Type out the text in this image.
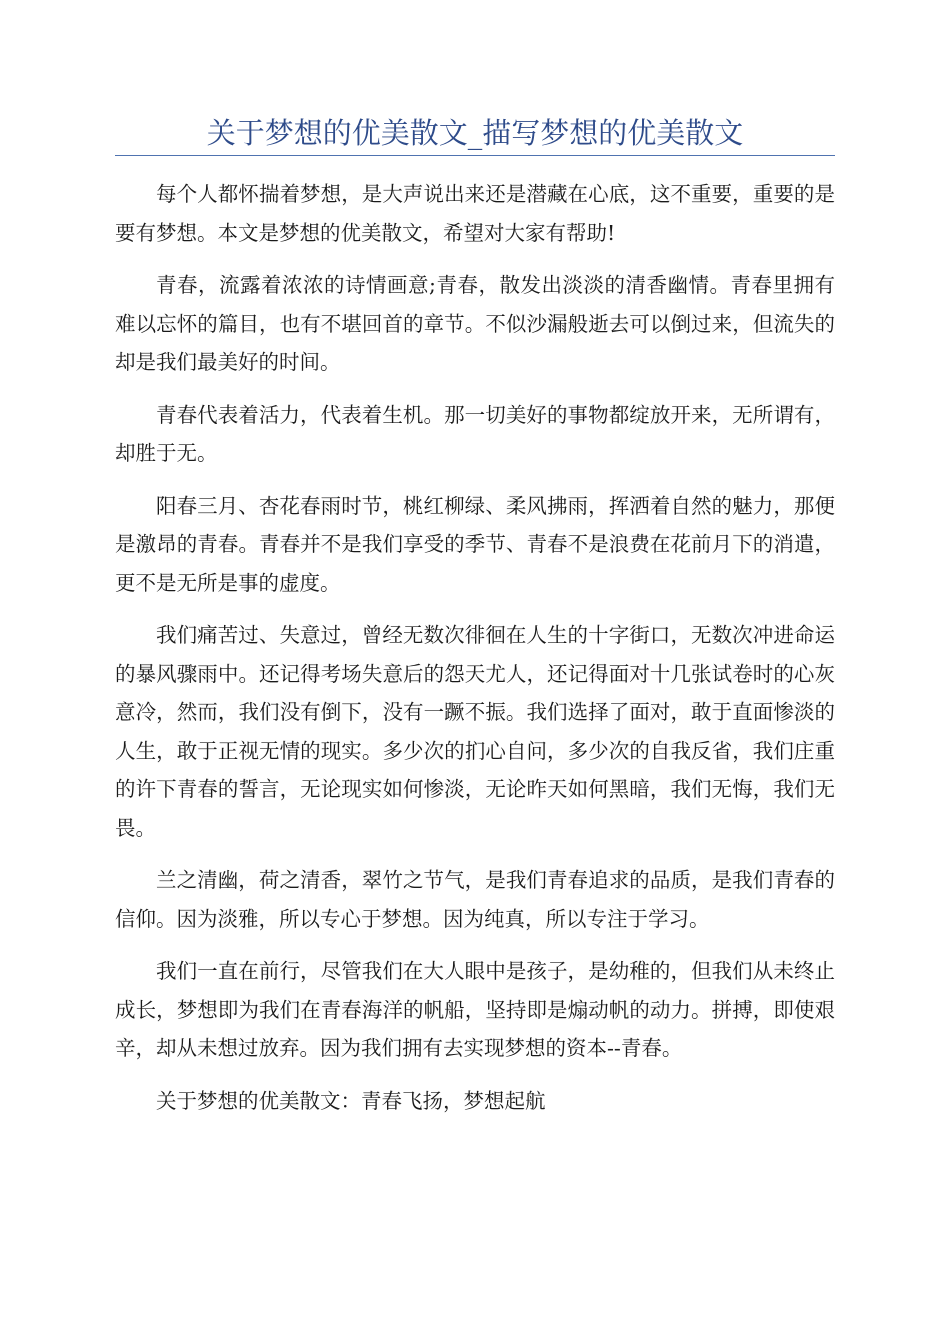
关于梦想的优美散文_描写梦想的优美散文

每个人都怀揣着梦想，是大声说出来还是潜藏在心底，这不重要，重要的是要有梦想。本文是梦想的优美散文，希望对大家有帮助!

青春，流露着浓浓的诗情画意;青春，散发出淡淡的清香幽情。青春里拥有难以忘怀的篇目，也有不堪回首的章节。不似沙漏般逝去可以倒过来，但流失的却是我们最美好的时间。

青春代表着活力，代表着生机。那一切美好的事物都绽放开来，无所谓有，却胜于无。

阳春三月、杏花春雨时节，桃红柳绿、柔风拂雨，挥洒着自然的魅力，那便是激昂的青春。青春并不是我们享受的季节、青春不是浪费在花前月下的消遣，更不是无所是事的虚度。

我们痛苦过、失意过，曾经无数次徘徊在人生的十字街口，无数次冲进命运的暴风骤雨中。还记得考场失意后的怨天尤人，还记得面对十几张试卷时的心灰意冷，然而，我们没有倒下，没有一蹶不振。我们选择了面对，敢于直面惨淡的人生，敢于正视无情的现实。多少次的扪心自问，多少次的自我反省，我们庄重的许下青春的誓言，无论现实如何惨淡，无论昨天如何黑暗，我们无悔，我们无畏。

兰之清幽，荷之清香，翠竹之节气，是我们青春追求的品质，是我们青春的信仰。因为淡雅，所以专心于梦想。因为纯真，所以专注于学习。

我们一直在前行，尽管我们在大人眼中是孩子，是幼稚的，但我们从未终止成长，梦想即为我们在青春海洋的帆船，坚持即是煽动帆的动力。拼搏，即使艰辛，却从未想过放弃。因为我们拥有去实现梦想的资本--青春。

关于梦想的优美散文：青春飞扬，梦想起航
